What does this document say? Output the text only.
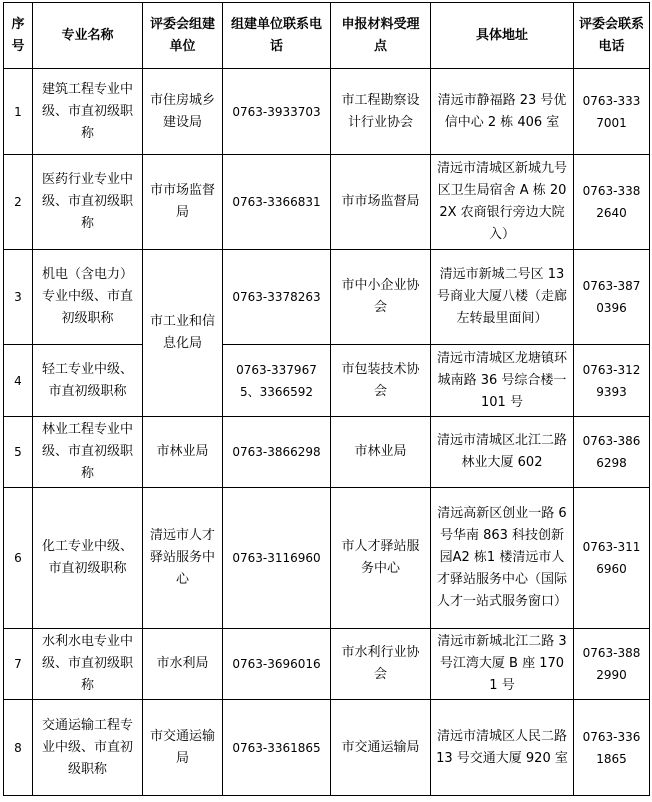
序号	专业名称	评委会组建单位	组建单位联系电话	申报材料受理点	具体地址	评委会联系电话
1	建筑工程专业中级、市直初级职称	市住房城乡建设局	0763-3933703	市工程勘察设计行业协会	清远市静福路 23 号优信中心 2 栋 406 室	0763-3337001
2	医药行业专业中级、市直初级职称	市市场监督局	0763-3366831	市市场监督局	清远市清城区新城九号区卫生局宿舍 A 栋 202X 农商银行旁边大院入）	0763-3382640
3	机电（含电力）专业中级、市直初级职称	市工业和信息化局	0763-3378263	市中小企业协会	清远市新城二号区 13 号商业大厦八楼（走廊左转最里面间）	0763-3870396
4	轻工专业中级、市直初级职称		0763-3379675、3366592	市包装技术协会	清远市清城区龙塘镇环城南路 36 号综合楼一 101 号	0763-3129393
5	林业工程专业中级、市直初级职称	市林业局	0763-3866298	市林业局	清远市清城区北江二路林业大厦 602	0763-3866298
6	化工专业中级、市直初级职称	清远市人才驿站服务中心	0763-3116960	市人才驿站服务中心	清远高新区创业一路 6 号华南 863 科技创新园A2 栋1 楼清远市人才驿站服务中心（国际人才一站式服务窗口）	0763-3116960
7	水利水电专业中级、市直初级职称	市水利局	0763-3696016	市水利行业协会	清远市新城北江二路 3 号江湾大厦 B 座 1701 号	0763-3882990
8	交通运输工程专业中级、市直初级职称	市交通运输局	0763-3361865	市交通运输局	清远市清城区人民二路 13 号交通大厦 920 室	0763-3361865
